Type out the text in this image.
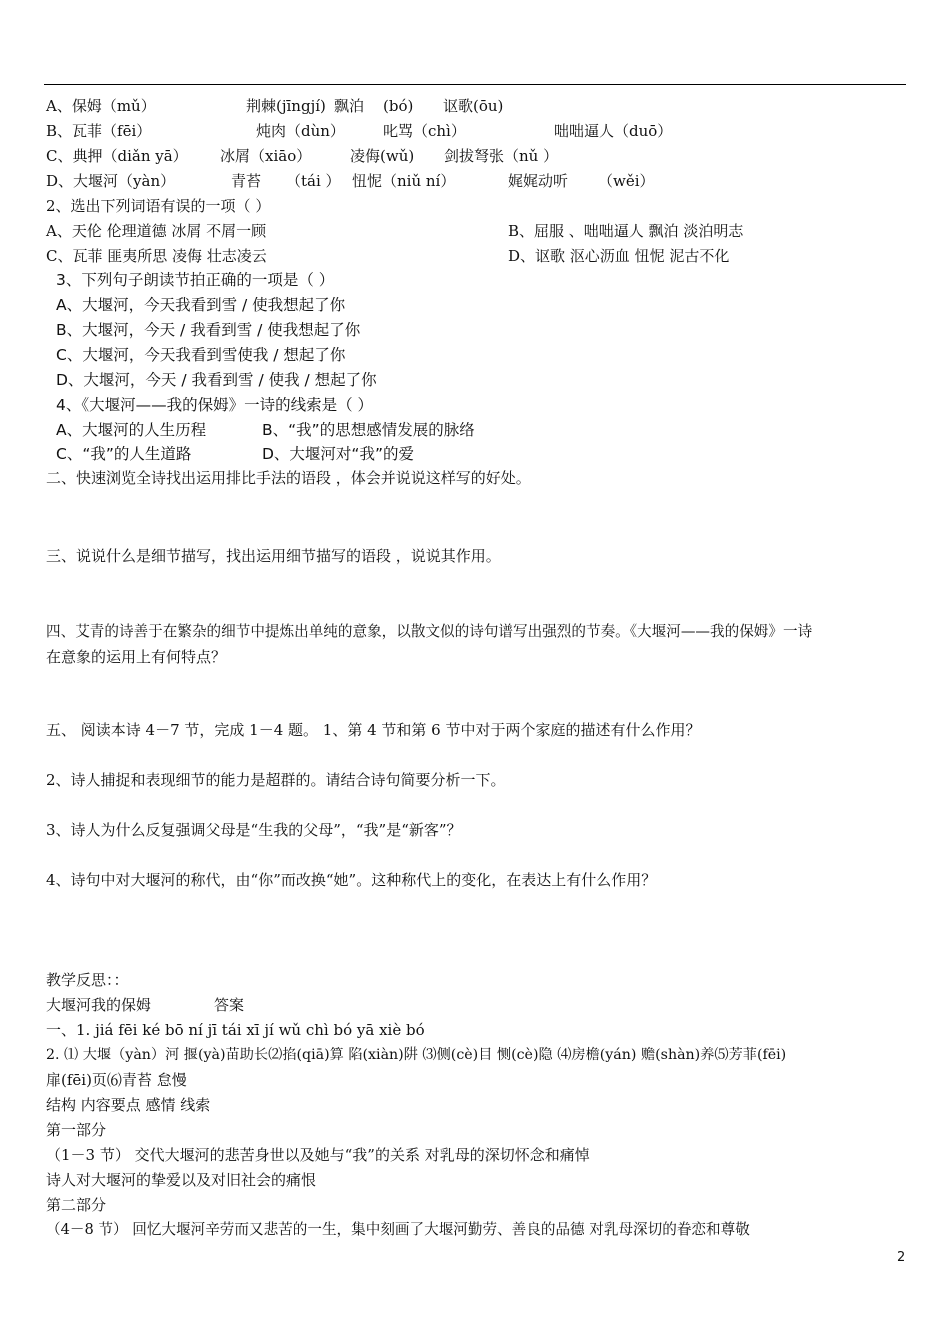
A、保姆（mǔ）	荆棘(jīngjí) 飘泊 (bó) 讴歌(ōu)
B、瓦菲（fēi）	炖肉（dùn）	叱骂（chì）	咄咄逼人（duō）
C、典押（diǎn yā） 冰屑（xiāo）	凌侮(wǔ) 剑拔弩张（nǔ ）
D、大堰河（yàn）	青苔 （tái ） 忸怩（niǔ ní）	娓娓动听 （wěi）
2、选出下列词语有误的一项（ ）
A、天伦 伦理道德 冰屑 不屑一顾	B、屈服 、咄咄逼人 飘泊 淡泊明志
C、瓦菲 匪夷所思 凌侮 壮志凌云	D、讴歌 沤心沥血 忸怩 泥古不化
3、下列句子朗读节拍正确的一项是（ ）
A、大堰河，今天我看到雪 / 使我想起了你
B、大堰河，今天 / 我看到雪 / 使我想起了你
C、大堰河，今天我看到雪使我 / 想起了你
D、大堰河，今天 / 我看到雪 / 使我 / 想起了你
4、《大堰河——我的保姆》一诗的线索是（ ）
A、大堰河的人生历程	B、“我”的思想感情发展的脉络
C、“我”的人生道路	D、大堰河对“我”的爱
二、快速浏览全诗找出运用排比手法的语段 ，体会并说说这样写的好处。
三、说说什么是细节描写，找出运用细节描写的语段 ，说说其作用。
四、艾青的诗善于在繁杂的细节中提炼出单纯的意象，以散文似的诗句谱写出强烈的节奏。《大堰河——我的保姆》一诗
在意象的运用上有何特点？
五、 阅读本诗 4－7 节，完成 1－4 题。 1、第 4 节和第 6 节中对于两个家庭的描述有什么作用？
2、诗人捕捉和表现细节的能力是超群的。请结合诗句简要分析一下。
3、诗人为什么反复强调父母是“生我的父母”，“我”是“新客”？
4、诗句中对大堰河的称代，由“你”而改换“她”。这种称代上的变化，在表达上有什么作用？
教学反思：：
大堰河我的保姆	答案
一、1. jiá fēi ké bō ní jī tái xī jí wǔ chì bó yā xiè bó
2. ⑴ 大堰（yàn）河 揠(yà)苗助长⑵掐(qiā)算 陷(xiàn)阱 ⑶侧(cè)目 恻(cè)隐 ⑷房檐(yán) 赡(shàn)养⑸芳菲(fēi)
扉(fēi)页⑹青苔 怠慢
结构 内容要点 感情 线索
第一部分
（1－3 节） 交代大堰河的悲苦身世以及她与“我”的关系 对乳母的深切怀念和痛悼
诗人对大堰河的挚爱以及对旧社会的痛恨
第二部分
（4－8 节） 回忆大堰河辛劳而又悲苦的一生，集中刻画了大堰河勤劳、善良的品德 对乳母深切的眷恋和尊敬
2
